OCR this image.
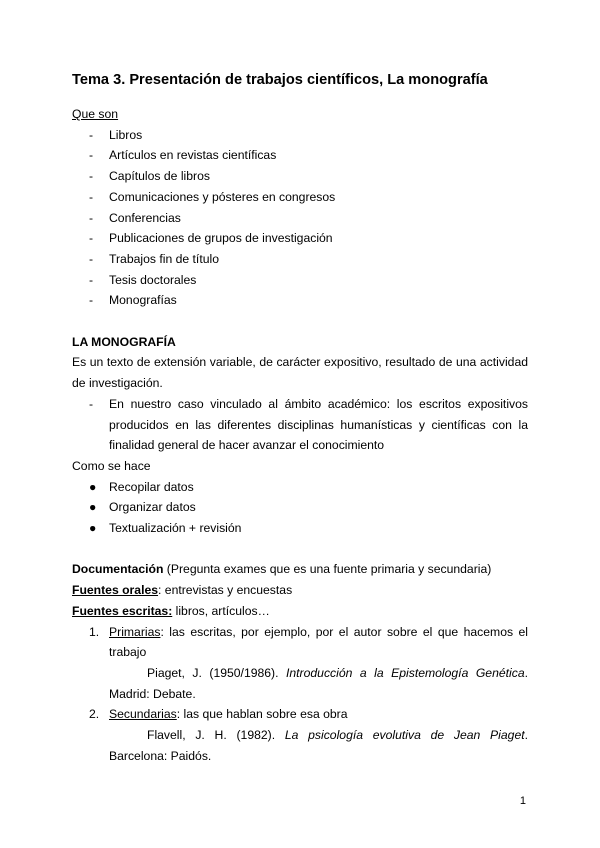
Tema 3. Presentación de trabajos científicos, La monografía
Que son
- Libros
- Artículos en revistas científicas
- Capítulos de libros
- Comunicaciones y pósteres en congresos
- Conferencias
- Publicaciones de grupos de investigación
- Trabajos fin de título
- Tesis doctorales
- Monografías
LA MONOGRAFÍA
Es un texto de extensión variable, de carácter expositivo, resultado de una actividad de investigación.
- En nuestro caso vinculado al ámbito académico: los escritos expositivos producidos en las diferentes disciplinas humanísticas y científicas con la finalidad general de hacer avanzar el conocimiento
Como se hace
● Recopilar datos
● Organizar datos
● Textualización + revisión
Documentación (Pregunta exames que es una fuente primaria y secundaria)
Fuentes orales: entrevistas y encuestas
Fuentes escritas: libros, artículos…
1. Primarias: las escritas, por ejemplo, por el autor sobre el que hacemos el trabajo
Piaget, J. (1950/1986). Introducción a la Epistemología Genética. Madrid: Debate.
2. Secundarias: las que hablan sobre esa obra
Flavell, J. H. (1982). La psicología evolutiva de Jean Piaget. Barcelona: Paidós.
1
